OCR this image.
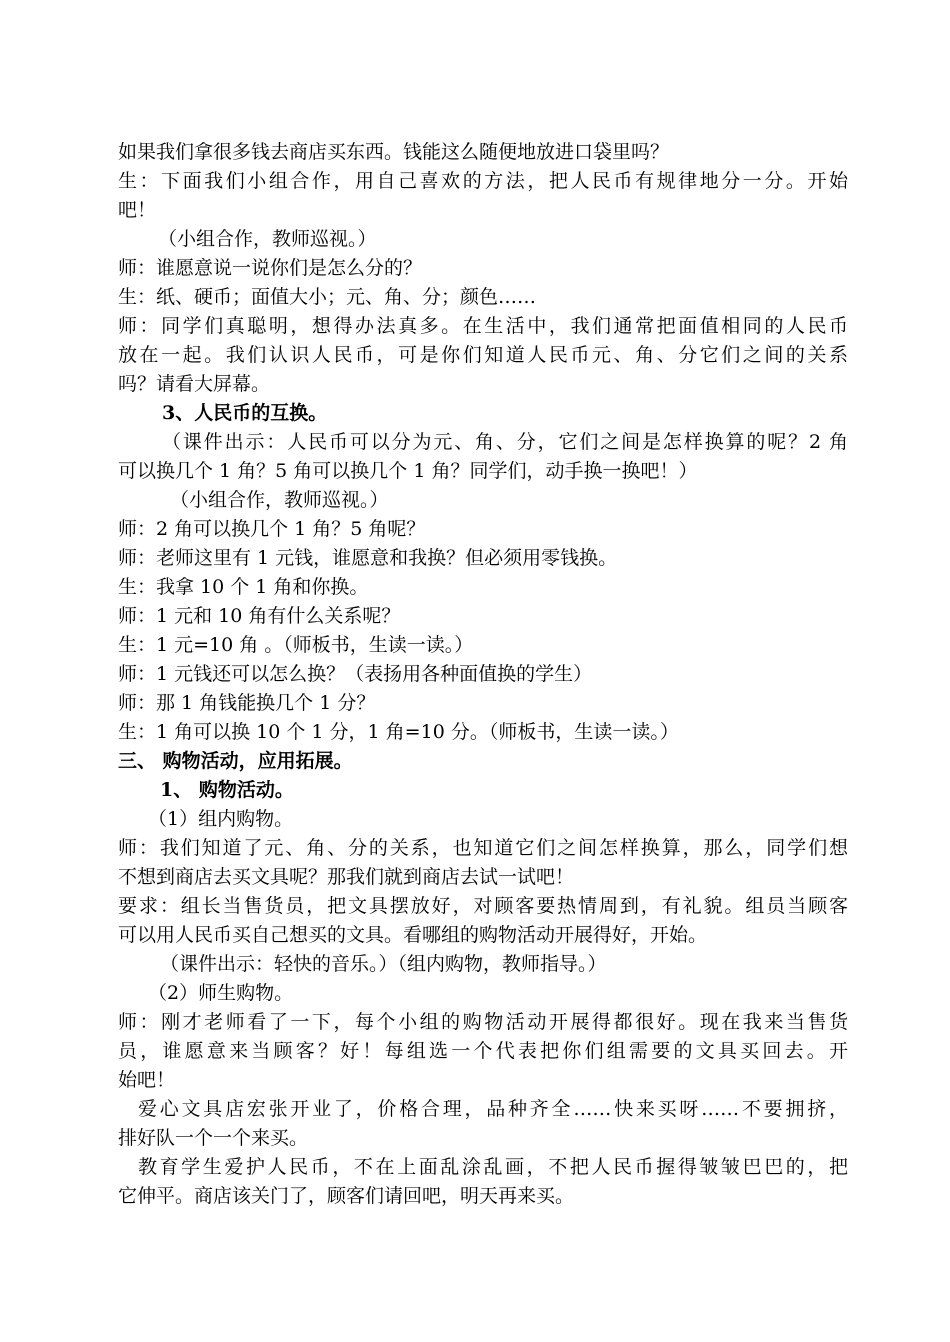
如果我们拿很多钱去商店买东西。钱能这么随便地放进口袋里吗？
生：下面我们小组合作，用自己喜欢的方法，把人民币有规律地分一分。开始
吧！
（小组合作，教师巡视。）
师：谁愿意说一说你们是怎么分的？
生：纸、硬币；面值大小；元、角、分；颜色……
师：同学们真聪明，想得办法真多。在生活中，我们通常把面值相同的人民币
放在一起。我们认识人民币，可是你们知道人民币元、角、分它们之间的关系
吗？请看大屏幕。
3、人民币的互换。
（课件出示：人民币可以分为元、角、分，它们之间是怎样换算的呢？2 角
可以换几个 1 角？5 角可以换几个 1 角？同学们，动手换一换吧！）
（小组合作，教师巡视。）
师：2 角可以换几个 1 角？5 角呢？
师：老师这里有 1 元钱，谁愿意和我换？但必须用零钱换。
生：我拿 10 个 1 角和你换。
师：1 元和 10 角有什么关系呢？
生：1 元=10 角 。（师板书，生读一读。）
师：1 元钱还可以怎么换？（表扬用各种面值换的学生）
师：那 1 角钱能换几个 1 分？
生：1 角可以换 10 个 1 分，1 角=10 分。（师板书，生读一读。）
三、 购物活动，应用拓展。
1、 购物活动。
（1）组内购物。
师：我们知道了元、角、分的关系，也知道它们之间怎样换算，那么，同学们想
不想到商店去买文具呢？那我们就到商店去试一试吧！
要求：组长当售货员，把文具摆放好，对顾客要热情周到，有礼貌。组员当顾客
可以用人民币买自己想买的文具。看哪组的购物活动开展得好，开始。
（课件出示：轻快的音乐。）（组内购物，教师指导。）
（2）师生购物。
师：刚才老师看了一下，每个小组的购物活动开展得都很好。现在我来当售货
员，谁愿意来当顾客？好！每组选一个代表把你们组需要的文具买回去。开
始吧！
爱心文具店宏张开业了，价格合理，品种齐全……快来买呀……不要拥挤，
排好队一个一个来买。
教育学生爱护人民币，不在上面乱涂乱画，不把人民币握得皱皱巴巴的，把
它伸平。商店该关门了，顾客们请回吧，明天再来买。
